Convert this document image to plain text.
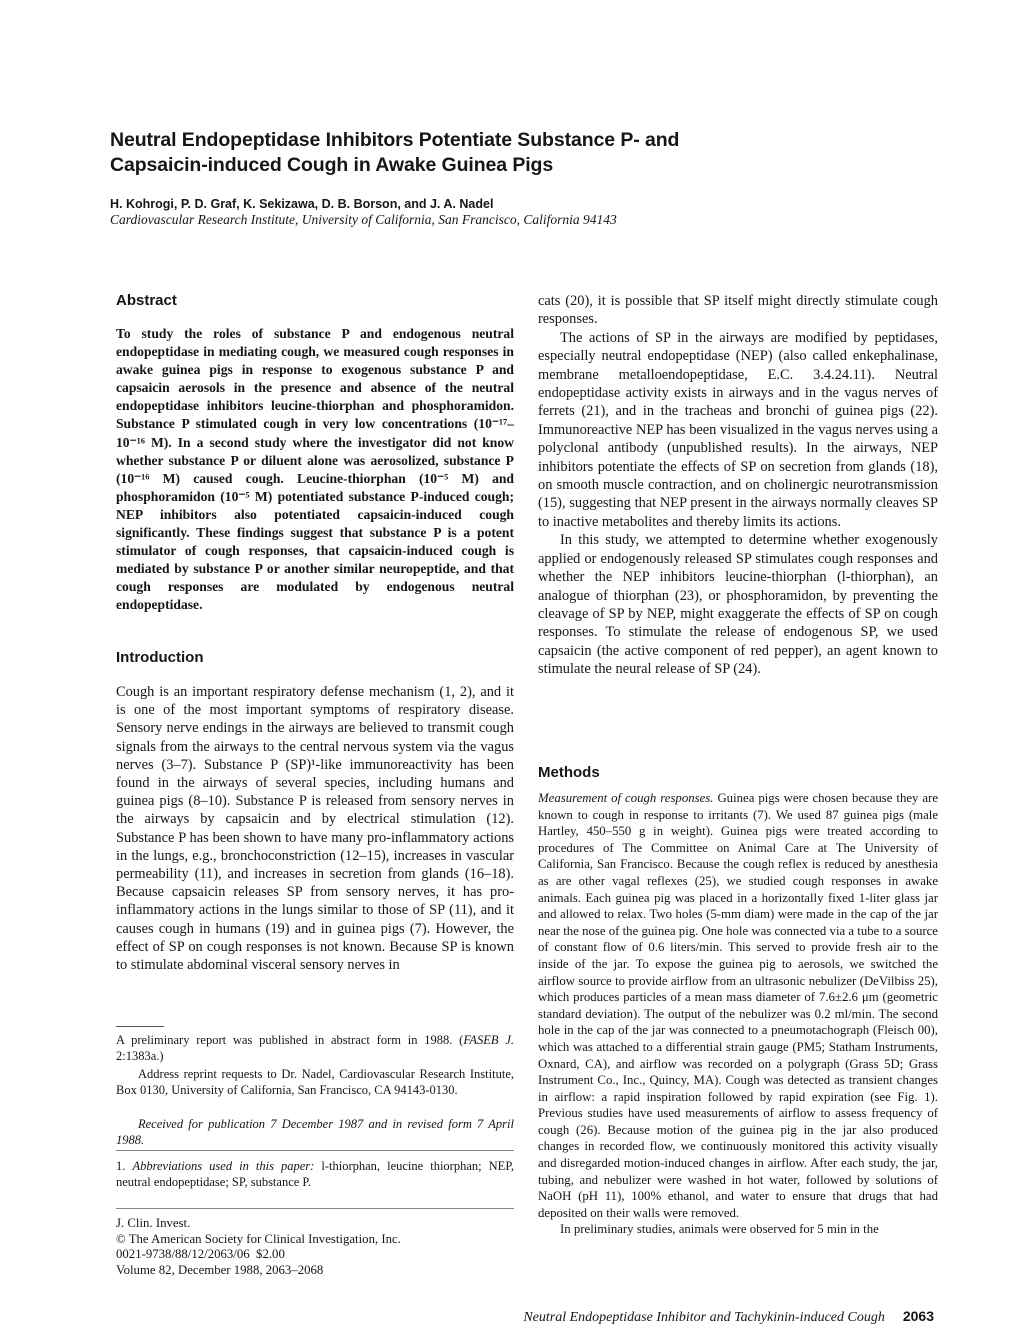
Neutral Endopeptidase Inhibitors Potentiate Substance P- and Capsaicin-induced Cough in Awake Guinea Pigs
H. Kohrogi, P. D. Graf, K. Sekizawa, D. B. Borson, and J. A. Nadel
Cardiovascular Research Institute, University of California, San Francisco, California 94143
Abstract

To study the roles of substance P and endogenous neutral endopeptidase in mediating cough, we measured cough responses in awake guinea pigs in response to exogenous substance P and capsaicin aerosols in the presence and absence of the neutral endopeptidase inhibitors leucine-thiorphan and phosphoramidon. Substance P stimulated cough in very low concentrations (10⁻¹⁷–10⁻¹⁶ M). In a second study where the investigator did not know whether substance P or diluent alone was aerosolized, substance P (10⁻¹⁶ M) caused cough. Leucine-thiorphan (10⁻⁵ M) and phosphoramidon (10⁻⁵ M) potentiated substance P-induced cough; NEP inhibitors also potentiated capsaicin-induced cough significantly. These findings suggest that substance P is a potent stimulator of cough responses, that capsaicin-induced cough is mediated by substance P or another similar neuropeptide, and that cough responses are modulated by endogenous neutral endopeptidase.

Introduction

Cough is an important respiratory defense mechanism (1, 2), and it is one of the most important symptoms of respiratory disease. Sensory nerve endings in the airways are believed to transmit cough signals from the airways to the central nervous system via the vagus nerves (3–7). Substance P (SP)¹-like immunoreactivity has been found in the airways of several species, including humans and guinea pigs (8–10). Substance P is released from sensory nerves in the airways by capsaicin and by electrical stimulation (12). Substance P has been shown to have many pro-inflammatory actions in the lungs, e.g., bronchoconstriction (12–15), increases in vascular permeability (11), and increases in secretion from glands (16–18). Because capsaicin releases SP from sensory nerves, it has pro-inflammatory actions in the lungs similar to those of SP (11), and it causes cough in humans (19) and in guinea pigs (7). However, the effect of SP on cough responses is not known. Because SP is known to stimulate abdominal visceral sensory nerves in

A preliminary report was published in abstract form in 1988. (FASEB J. 2:1383a.)

Address reprint requests to Dr. Nadel, Cardiovascular Research Institute, Box 0130, University of California, San Francisco, CA 94143-0130.

Received for publication 7 December 1987 and in revised form 7 April 1988.

1. Abbreviations used in this paper: l-thiorphan, leucine thiorphan; NEP, neutral endopeptidase; SP, substance P.

J. Clin. Invest.
© The American Society for Clinical Investigation, Inc.
0021-9738/88/12/2063/06  $2.00
Volume 82, December 1988, 2063–2068
cats (20), it is possible that SP itself might directly stimulate cough responses.
The actions of SP in the airways are modified by peptidases, especially neutral endopeptidase (NEP) (also called enkephalinase, membrane metalloendopeptidase, E.C. 3.4.24.11). Neutral endopeptidase activity exists in airways and in the vagus nerves of ferrets (21), and in the tracheas and bronchi of guinea pigs (22). Immunoreactive NEP has been visualized in the vagus nerves using a polyclonal antibody (unpublished results). In the airways, NEP inhibitors potentiate the effects of SP on secretion from glands (18), on smooth muscle contraction, and on cholinergic neurotransmission (15), suggesting that NEP present in the airways normally cleaves SP to inactive metabolites and thereby limits its actions.
In this study, we attempted to determine whether exogenously applied or endogenously released SP stimulates cough responses and whether the NEP inhibitors leucine-thiorphan (l-thiorphan), an analogue of thiorphan (23), or phosphoramidon, by preventing the cleavage of SP by NEP, might exaggerate the effects of SP on cough responses. To stimulate the release of endogenous SP, we used capsaicin (the active component of red pepper), an agent known to stimulate the neural release of SP (24).
Methods
Measurement of cough responses. Guinea pigs were chosen because they are known to cough in response to irritants (7). We used 87 guinea pigs (male Hartley, 450–550 g in weight). Guinea pigs were treated according to procedures of The Committee on Animal Care at The University of California, San Francisco. Because the cough reflex is reduced by anesthesia as are other vagal reflexes (25), we studied cough responses in awake animals. Each guinea pig was placed in a horizontally fixed 1-liter glass jar and allowed to relax. Two holes (5-mm diam) were made in the cap of the jar near the nose of the guinea pig. One hole was connected via a tube to a source of constant flow of 0.6 liters/min. This served to provide fresh air to the inside of the jar. To expose the guinea pig to aerosols, we switched the airflow source to provide airflow from an ultrasonic nebulizer (DeVilbiss 25), which produces particles of a mean mass diameter of 7.6±2.6 μm (geometric standard deviation). The output of the nebulizer was 0.2 ml/min. The second hole in the cap of the jar was connected to a pneumotachograph (Fleisch 00), which was attached to a differential strain gauge (PM5; Statham Instruments, Oxnard, CA), and airflow was recorded on a polygraph (Grass 5D; Grass Instrument Co., Inc., Quincy, MA). Cough was detected as transient changes in airflow: a rapid inspiration followed by rapid expiration (see Fig. 1). Previous studies have used measurements of airflow to assess frequency of cough (26). Because motion of the guinea pig in the jar also produced changes in recorded flow, we continuously monitored this activity visually and disregarded motion-induced changes in airflow. After each study, the jar, tubing, and nebulizer were washed in hot water, followed by solutions of NaOH (pH 11), 100% ethanol, and water to ensure that drugs that had deposited on their walls were removed.
In preliminary studies, animals were observed for 5 min in the
Neutral Endopeptidase Inhibitor and Tachykinin-induced Cough 2063
